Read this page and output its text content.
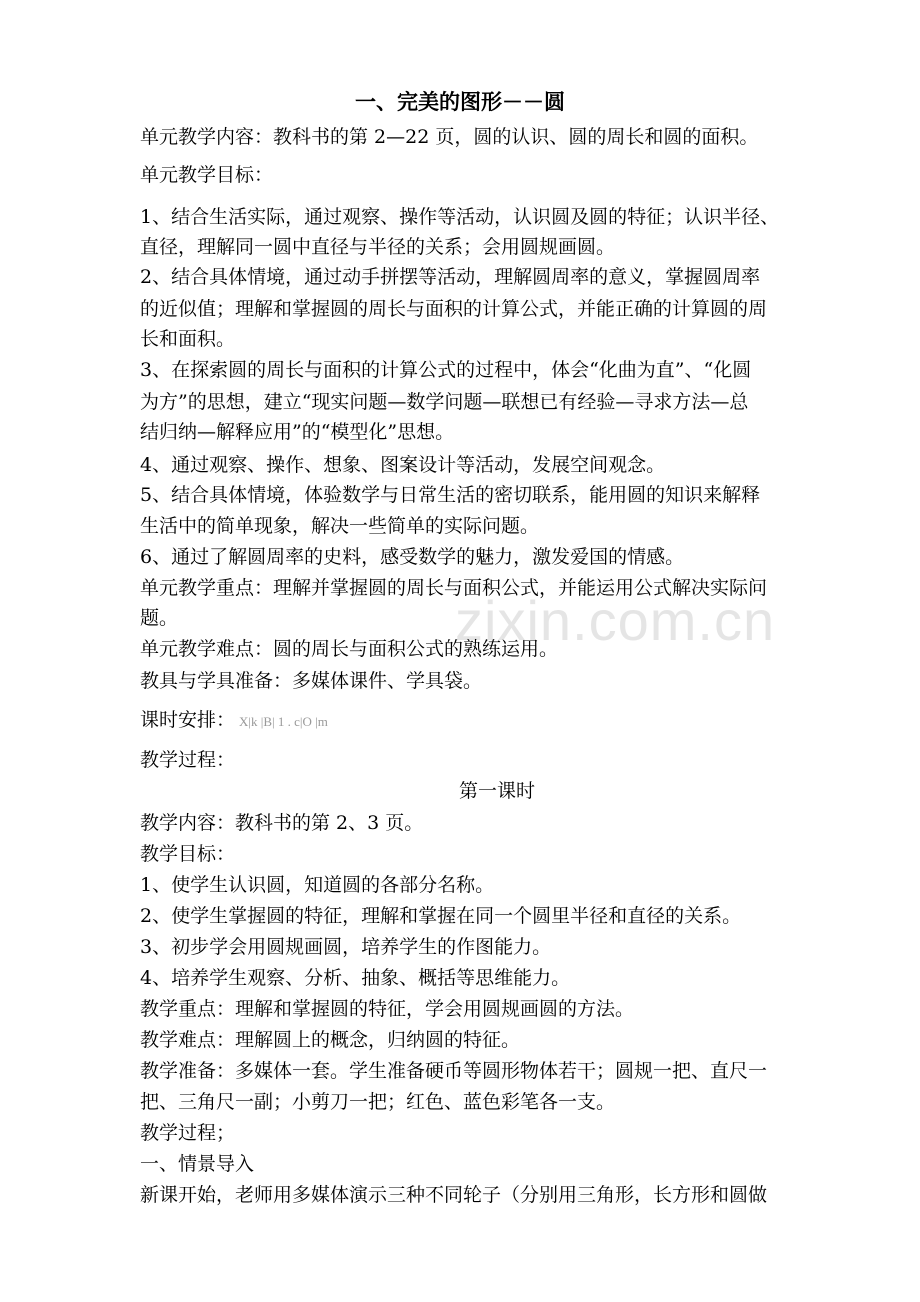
zixin.com.cn
一、完美的图形－－圆
单元教学内容：教科书的第 2—22 页，圆的认识、圆的周长和圆的面积。
单元教学目标：
1、结合生活实际，通过观察、操作等活动，认识圆及圆的特征；认识半径、
直径，理解同一圆中直径与半径的关系；会用圆规画圆。
2、结合具体情境，通过动手拼摆等活动，理解圆周率的意义，掌握圆周率
的近似值；理解和掌握圆的周长与面积的计算公式，并能正确的计算圆的周
长和面积。
3、在探索圆的周长与面积的计算公式的过程中，体会“化曲为直”、“化圆
为方”的思想，建立“现实问题—数学问题—联想已有经验—寻求方法—总
结归纳—解释应用”的“模型化”思想。
4、通过观察、操作、想象、图案设计等活动，发展空间观念。
5、结合具体情境，体验数学与日常生活的密切联系，能用圆的知识来解释
生活中的简单现象，解决一些简单的实际问题。
6、通过了解圆周率的史料，感受数学的魅力，激发爱国的情感。
单元教学重点：理解并掌握圆的周长与面积公式，并能运用公式解决实际问
题。
单元教学难点：圆的周长与面积公式的熟练运用。
教具与学具准备：多媒体课件、学具袋。
课时安排： X|k |B| 1 . c|O |m
教学过程：
第一课时
教学内容：教科书的第 2、3 页。
教学目标：
1、使学生认识圆，知道圆的各部分名称。
2、使学生掌握圆的特征，理解和掌握在同一个圆里半径和直径的关系。
3、初步学会用圆规画圆，培养学生的作图能力。
4、培养学生观察、分析、抽象、概括等思维能力。
教学重点：理解和掌握圆的特征，学会用圆规画圆的方法。
教学难点：理解圆上的概念，归纳圆的特征。
教学准备：多媒体一套。学生准备硬币等圆形物体若干；圆规一把、直尺一
把、三角尺一副；小剪刀一把；红色、蓝色彩笔各一支。
教学过程；
一、情景导入
新课开始，老师用多媒体演示三种不同轮子（分别用三角形，长方形和圆做
